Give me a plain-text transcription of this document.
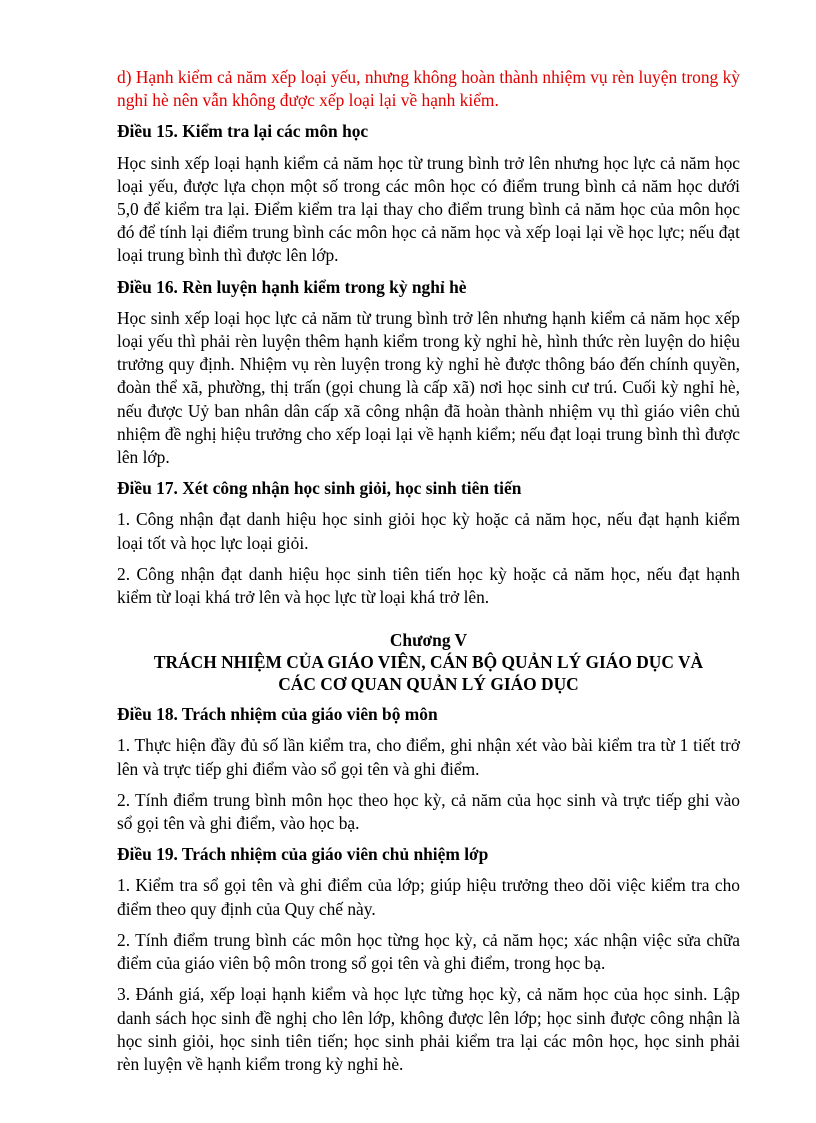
d) Hạnh kiểm cả năm xếp loại yếu, nhưng không hoàn thành nhiệm vụ rèn luyện trong kỳ nghỉ hè nên vẫn không được xếp loại lại về hạnh kiểm.

Điều 15. Kiểm tra lại các môn học

Học sinh xếp loại hạnh kiểm cả năm học từ trung bình trở lên nhưng học lực cả năm học loại yếu, được lựa chọn một số trong các môn học có điểm trung bình cả năm học dưới 5,0 để kiểm tra lại. Điểm kiểm tra lại thay cho điểm trung bình cả năm học của môn học đó để tính lại điểm trung bình các môn học cả năm học và xếp loại lại về học lực; nếu đạt loại trung bình thì được lên lớp.

Điều 16. Rèn luyện hạnh kiểm trong kỳ nghỉ hè

Học sinh xếp loại học lực cả năm từ trung bình trở lên nhưng hạnh kiểm cả năm học xếp loại yếu thì phải rèn luyện thêm hạnh kiểm trong kỳ nghỉ hè, hình thức rèn luyện do hiệu trưởng quy định. Nhiệm vụ rèn luyện trong kỳ nghỉ hè được thông báo đến chính quyền, đoàn thể xã, phường, thị trấn (gọi chung là cấp xã) nơi học sinh cư trú. Cuối kỳ nghỉ hè, nếu được Uỷ ban nhân dân cấp xã công nhận đã hoàn thành nhiệm vụ thì giáo viên chủ nhiệm đề nghị hiệu trưởng cho xếp loại lại về hạnh kiểm; nếu đạt loại trung bình thì được lên lớp.

Điều 17. Xét công nhận học sinh giỏi, học sinh tiên tiến

1. Công nhận đạt danh hiệu học sinh giỏi học kỳ hoặc cả năm học, nếu đạt hạnh kiểm loại tốt và học lực loại giỏi.

2. Công nhận đạt danh hiệu học sinh tiên tiến học kỳ hoặc cả năm học, nếu đạt hạnh kiểm từ loại khá trở lên và học lực từ loại khá trở lên.

Chương V
TRÁCH NHIỆM CỦA GIÁO VIÊN, CÁN BỘ QUẢN LÝ GIÁO DỤC VÀ
CÁC CƠ QUAN QUẢN LÝ GIÁO DỤC
Điều 18. Trách nhiệm của giáo viên bộ môn

1. Thực hiện đầy đủ số lần kiểm tra, cho điểm, ghi nhận xét vào bài kiểm tra từ 1 tiết trở lên và trực tiếp ghi điểm vào sổ gọi tên và ghi điểm.

2. Tính điểm trung bình môn học theo học kỳ, cả năm của học sinh và trực tiếp ghi vào sổ gọi tên và ghi điểm, vào học bạ.

Điều 19. Trách nhiệm của giáo viên chủ nhiệm lớp

1. Kiểm tra sổ gọi tên và ghi điểm của lớp; giúp hiệu trưởng theo dõi việc kiểm tra cho điểm theo quy định của Quy chế này.

2. Tính điểm trung bình các môn học từng học kỳ, cả năm học; xác nhận việc sửa chữa điểm của giáo viên bộ môn trong sổ gọi tên và ghi điểm, trong học bạ.

3. Đánh giá, xếp loại hạnh kiểm và học lực từng học kỳ, cả năm học của học sinh. Lập danh sách học sinh đề nghị cho lên lớp, không được lên lớp; học sinh được công nhận là học sinh giỏi, học sinh tiên tiến; học sinh phải kiểm tra lại các môn học, học sinh phải rèn luyện về hạnh kiểm trong kỳ nghỉ hè.
